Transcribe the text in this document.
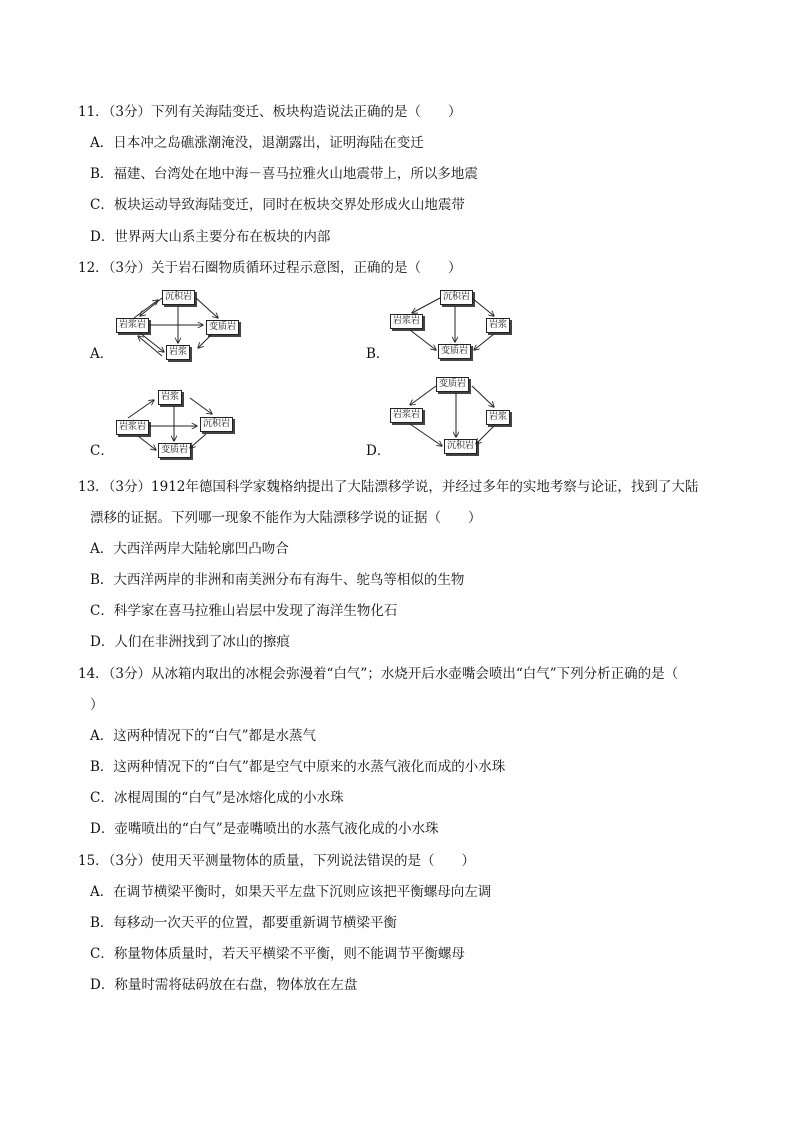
11．（3分）下列有关海陆变迁、板块构造说法正确的是（　　）
A．日本冲之岛礁涨潮淹没，退潮露出，证明海陆在变迁
B．福建、台湾处在地中海－喜马拉雅火山地震带上，所以多地震
C．板块运动导致海陆变迁，同时在板块交界处形成火山地震带
D．世界两大山系主要分布在板块的内部
12．（3分）关于岩石圈物质循环过程示意图，正确的是（　　）
A．	B．
C．	D．
沉积岩
岩浆岩	变质岩
岩浆
沉积岩
岩浆岩	岩浆
变质岩
岩浆
岩浆岩	沉积岩
变质岩
变质岩
岩浆岩	岩浆
沉积岩
13．（3分）1912年德国科学家魏格纳提出了大陆漂移学说，并经过多年的实地考察与论证，找到了大陆
漂移的证据。下列哪一现象不能作为大陆漂移学说的证据（　　）
A．大西洋两岸大陆轮廓凹凸吻合
B．大西洋两岸的非洲和南美洲分布有海牛、鸵鸟等相似的生物
C．科学家在喜马拉雅山岩层中发现了海洋生物化石
D．人们在非洲找到了冰山的擦痕
14．（3分）从冰箱内取出的冰棍会弥漫着“白气”；水烧开后水壶嘴会喷出“白气”下列分析正确的是（
）
A．这两种情况下的“白气”都是水蒸气
B．这两种情况下的“白气”都是空气中原来的水蒸气液化而成的小水珠
C．冰棍周围的“白气”是冰熔化成的小水珠
D．壶嘴喷出的“白气”是壶嘴喷出的水蒸气液化成的小水珠
15．（3分）使用天平测量物体的质量，下列说法错误的是（　　）
A．在调节横梁平衡时，如果天平左盘下沉则应该把平衡螺母向左调
B．每移动一次天平的位置，都要重新调节横梁平衡
C．称量物体质量时，若天平横梁不平衡，则不能调节平衡螺母
D．称量时需将砝码放在右盘，物体放在左盘
